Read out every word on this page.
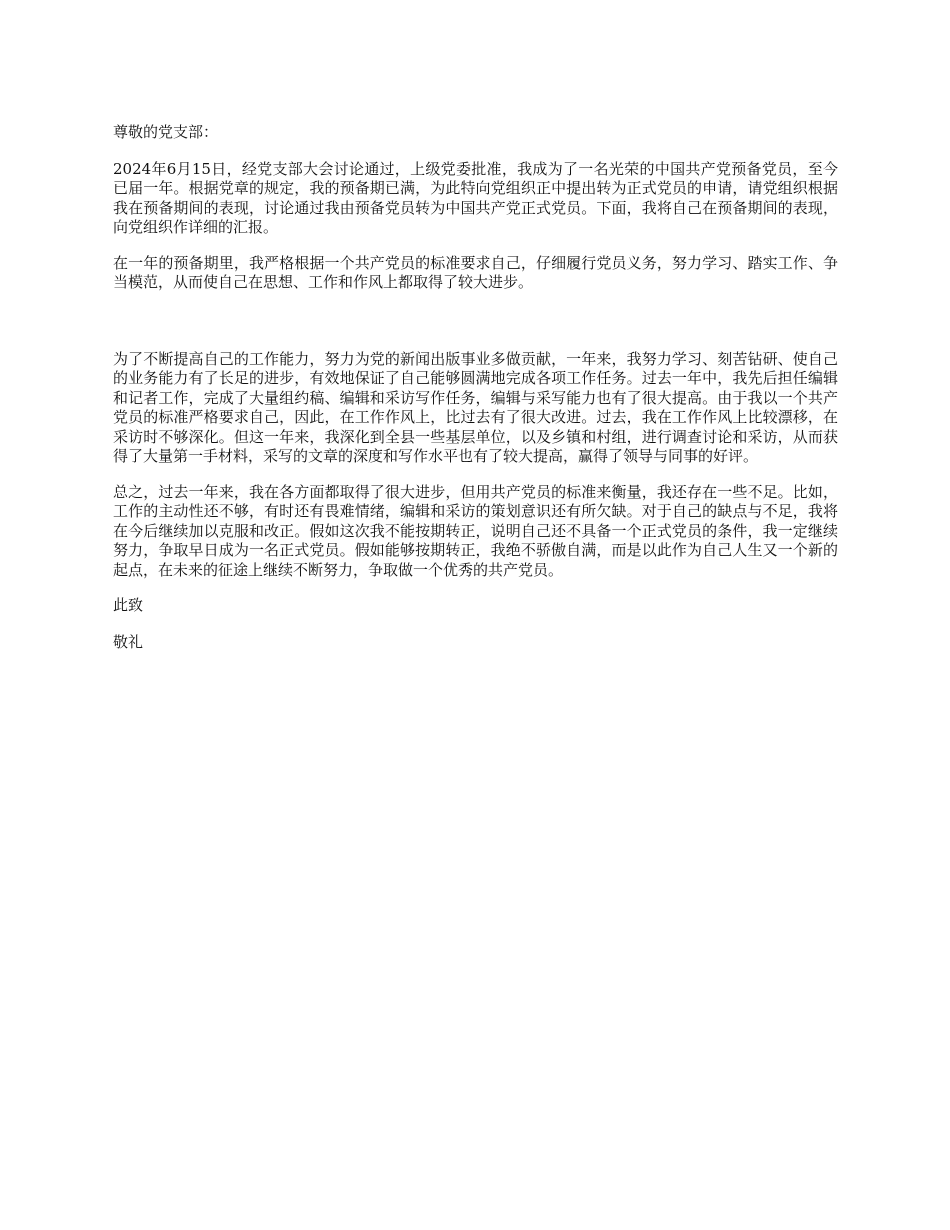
尊敬的党支部：

2024年6月15日，经党支部大会讨论通过，上级党委批准，我成为了一名光荣的中国共产党预备党员，至今已届一年。根据党章的规定，我的预备期已满，为此特向党组织正中提出转为正式党员的申请，请党组织根据我在预备期间的表现，讨论通过我由预备党员转为中国共产党正式党员。下面，我将自己在预备期间的表现，向党组织作详细的汇报。

在一年的预备期里，我严格根据一个共产党员的标准要求自己，仔细履行党员义务，努力学习、踏实工作、争当模范，从而使自己在思想、工作和作风上都取得了较大进步。

为了不断提高自己的工作能力，努力为党的新闻出版事业多做贡献，一年来，我努力学习、刻苦钻研、使自己的业务能力有了长足的进步，有效地保证了自己能够圆满地完成各项工作任务。过去一年中，我先后担任编辑和记者工作，完成了大量组约稿、编辑和采访写作任务，编辑与采写能力也有了很大提高。由于我以一个共产党员的标准严格要求自己，因此，在工作作风上，比过去有了很大改进。过去，我在工作作风上比较漂移，在采访时不够深化。但这一年来，我深化到全县一些基层单位，以及乡镇和村组，进行调查讨论和采访，从而获得了大量第一手材料，采写的文章的深度和写作水平也有了较大提高，赢得了领导与同事的好评。

总之，过去一年来，我在各方面都取得了很大进步，但用共产党员的标准来衡量，我还存在一些不足。比如，工作的主动性还不够，有时还有畏难情绪，编辑和采访的策划意识还有所欠缺。对于自己的缺点与不足，我将在今后继续加以克服和改正。假如这次我不能按期转正，说明自己还不具备一个正式党员的条件，我一定继续努力，争取早日成为一名正式党员。假如能够按期转正，我绝不骄傲自满，而是以此作为自己人生又一个新的起点，在未来的征途上继续不断努力，争取做一个优秀的共产党员。

此致

敬礼
